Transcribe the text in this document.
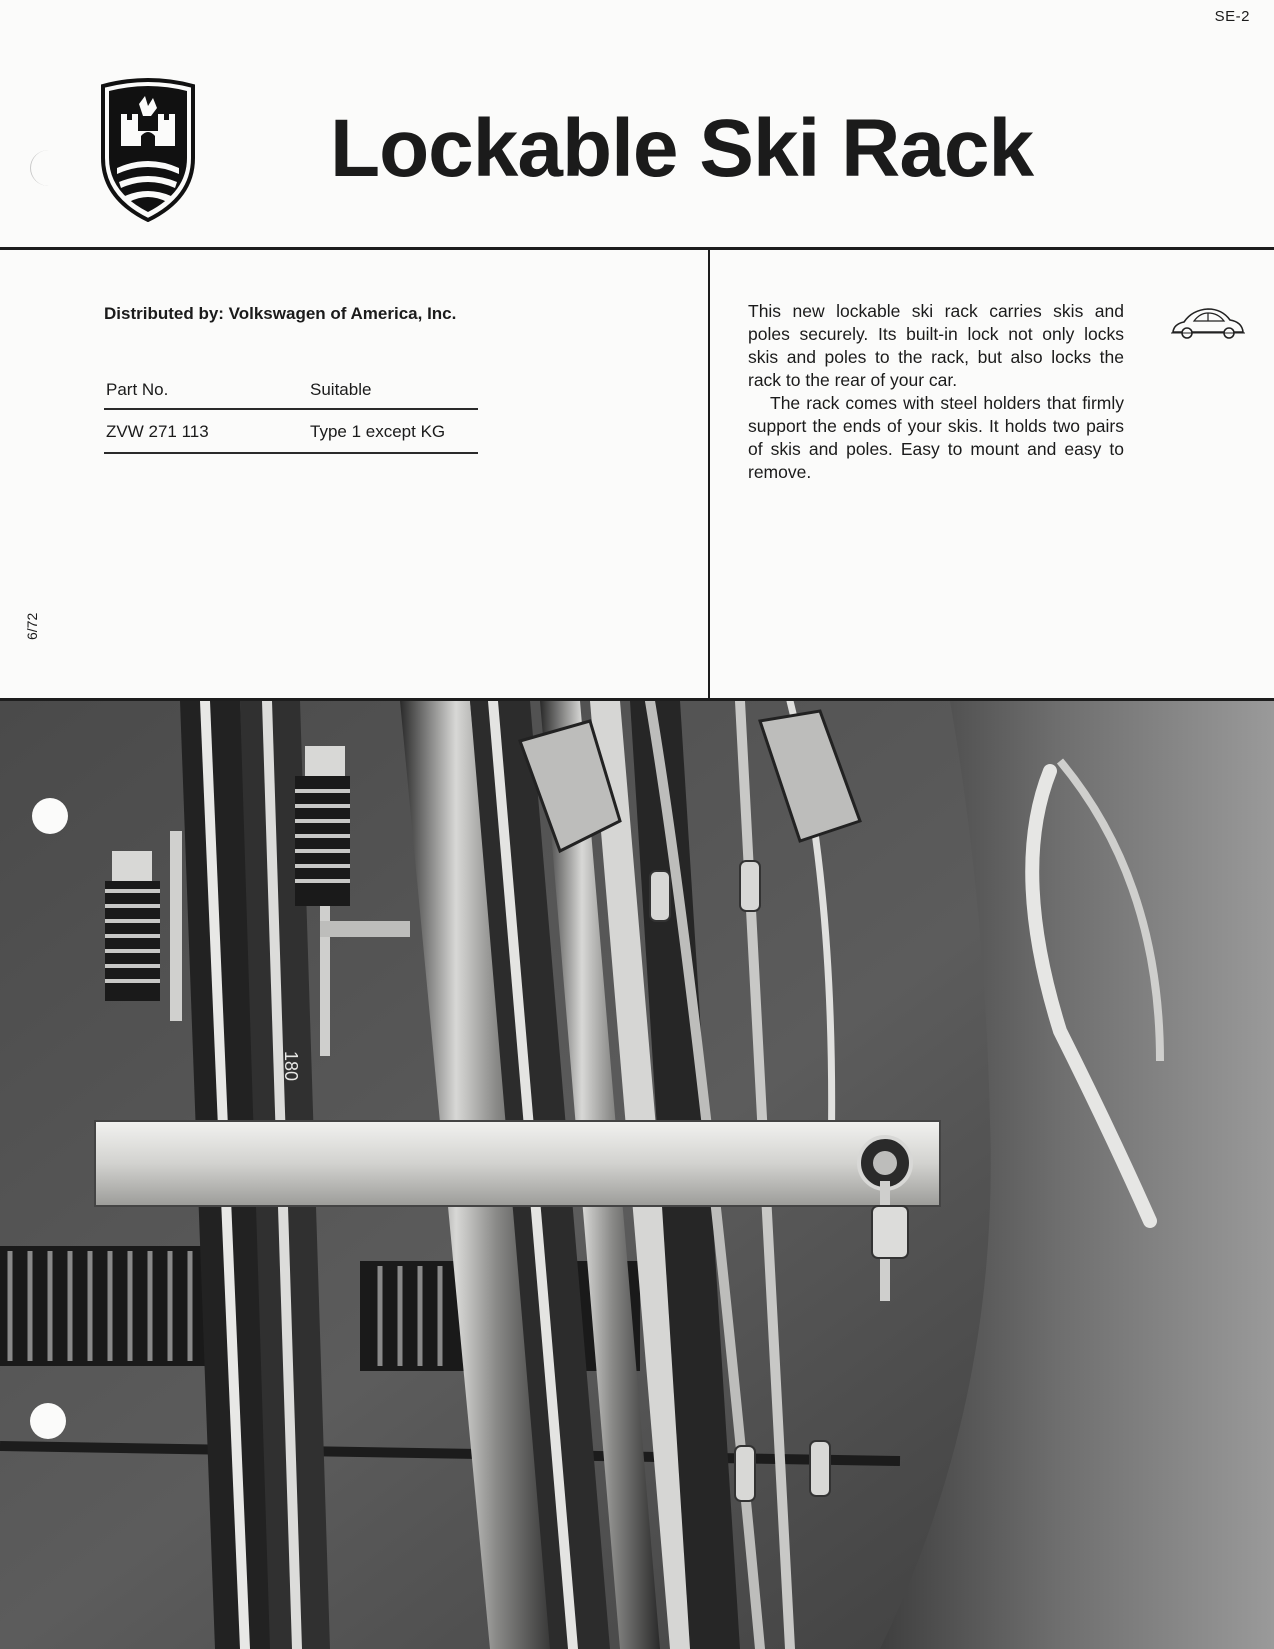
SE-2
6/72
Lockable Ski Rack
Distributed by: Volkswagen of America, Inc.
Part No.	Suitable
ZVW 271 113	Type 1 except KG

This new lockable ski rack carries skis and poles securely. Its built-in lock not only locks skis and poles to the rack, but also locks the rack to the rear of your car.

The rack comes with steel holders that firmly support the ends of your skis. It holds two pairs of skis and poles. Easy to mount and easy to remove.

180
